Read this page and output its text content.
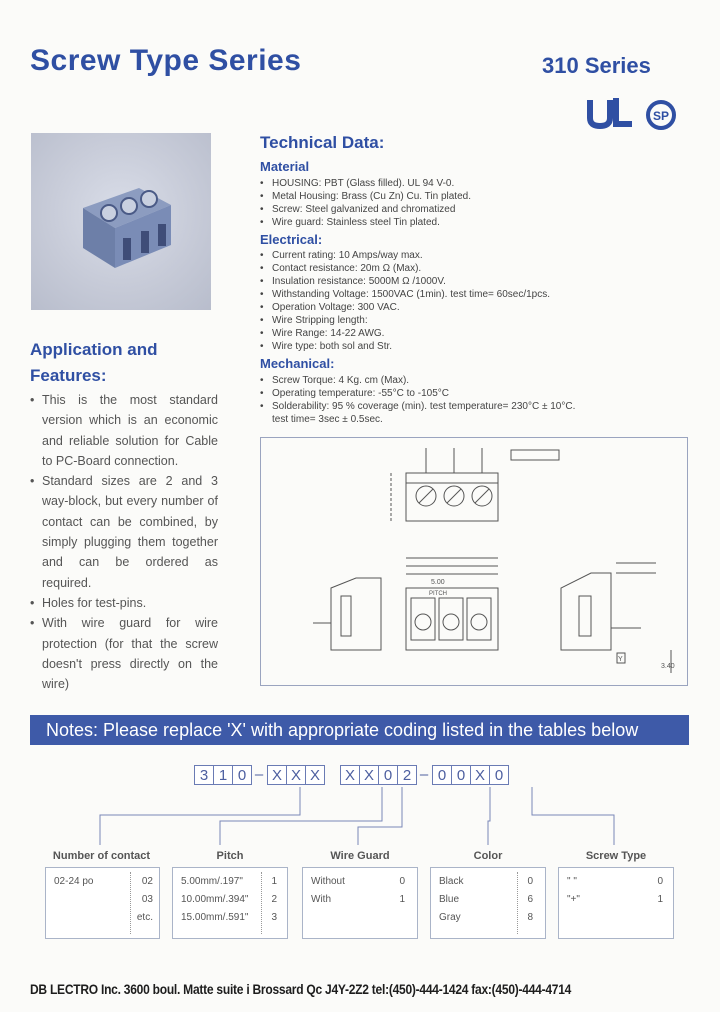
Screw Type Series	310 Series
SP
Technical Data:
Material
• HOUSING: PBT (Glass filled). UL 94 V-0.
• Metal Housing: Brass (Cu Zn) Cu. Tin plated.
• Screw: Steel galvanized and chromatized
• Wire guard: Stainless steel Tin plated.
Electrical:
• Current rating: 10 Amps/way max.
• Contact resistance: 20m Ω (Max).
• Insulation resistance: 5000M Ω /1000V.
• Withstanding Voltage: 1500VAC (1min). test time= 60sec/1pcs.
• Operation Voltage: 300 VAC.
• Wire Stripping length:
• Wire Range: 14-22 AWG.
• Wire type: both sol and Str.
Mechanical:
• Screw Torque: 4 Kg. cm (Max).
• Operating temperature: -55°C to -105°C
• Solderability: 95 % coverage (min). test temperature= 230°C ± 10°C.
test time= 3sec ± 0.5sec.
Application and
Features:
• This is the most standard version which is an economic and reliable solution for Cable to PC-Board connection.
• Standard sizes are 2 and 3 way-block, but every number of contact can be combined, by simply plugging them together and can be ordered as required.
• Holes for test-pins.
• With wire guard for wire protection (for that the screw doesn't press directly on the wire)
5.00
PITCH
3.40
Y
Notes: Please replace 'X' with appropriate coding listed in the tables below
3 1 0 – X X X	X X 0 2 – 0 0 X 0
Number of contact	Pitch	Wire Guard	Color	Screw Type
02-24 po	02
03
etc.
5.00mm/.197"	1
10.00mm/.394" 2
15.00mm/.591" 3
Without	0
With	1
Black	0
Blue	6
Gray	8
" "	0
"+"	1
DB LECTRO Inc. 3600 boul. Matte suite i Brossard Qc J4Y-2Z2 tel:(450)-444-1424 fax:(450)-444-4714
